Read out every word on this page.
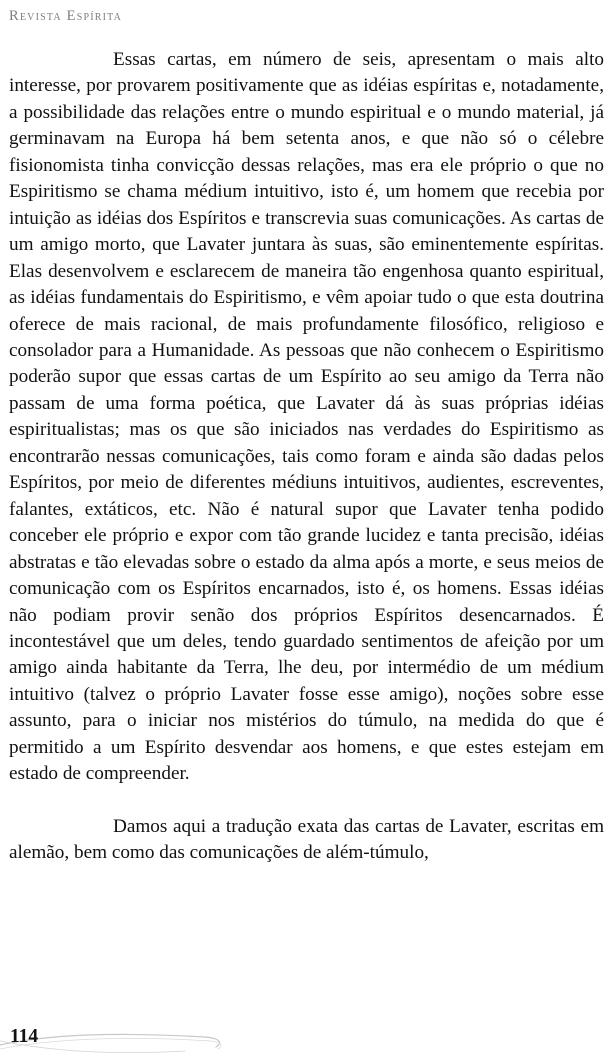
Revista Espírita

Essas cartas, em número de seis, apresentam o mais alto interesse, por provarem positivamente que as idéias espíritas e, notadamente, a possibilidade das relações entre o mundo espiritual e o mundo material, já germinavam na Europa há bem setenta anos, e que não só o célebre fisionomista tinha convicção dessas relações, mas era ele próprio o que no Espiritismo se chama médium intuitivo, isto é, um homem que recebia por intuição as idéias dos Espíritos e transcrevia suas comunicações. As cartas de um amigo morto, que Lavater juntara às suas, são eminentemente espíritas. Elas desenvolvem e esclarecem de maneira tão engenhosa quanto espiritual, as idéias fundamentais do Espiritismo, e vêm apoiar tudo o que esta doutrina oferece de mais racional, de mais profundamente filosófico, religioso e consolador para a Humanidade. As pessoas que não conhecem o Espiritismo poderão supor que essas cartas de um Espírito ao seu amigo da Terra não passam de uma forma poética, que Lavater dá às suas próprias idéias espiritualistas; mas os que são iniciados nas verdades do Espiritismo as encontrarão nessas comunicações, tais como foram e ainda são dadas pelos Espíritos, por meio de diferentes médiuns intuitivos, audientes, escreventes, falantes, extáticos, etc. Não é natural supor que Lavater tenha podido conceber ele próprio e expor com tão grande lucidez e tanta precisão, idéias abstratas e tão elevadas sobre o estado da alma após a morte, e seus meios de comunicação com os Espíritos encarnados, isto é, os homens. Essas idéias não podiam provir senão dos próprios Espíritos desencarnados. É incontestável que um deles, tendo guardado sentimentos de afeição por um amigo ainda habitante da Terra, lhe deu, por intermédio de um médium intuitivo (talvez o próprio Lavater fosse esse amigo), noções sobre esse assunto, para o iniciar nos mistérios do túmulo, na medida do que é permitido a um Espírito desvendar aos homens, e que estes estejam em estado de compreender.

Damos aqui a tradução exata das cartas de Lavater, escritas em alemão, bem como das comunicações de além-túmulo,

114
